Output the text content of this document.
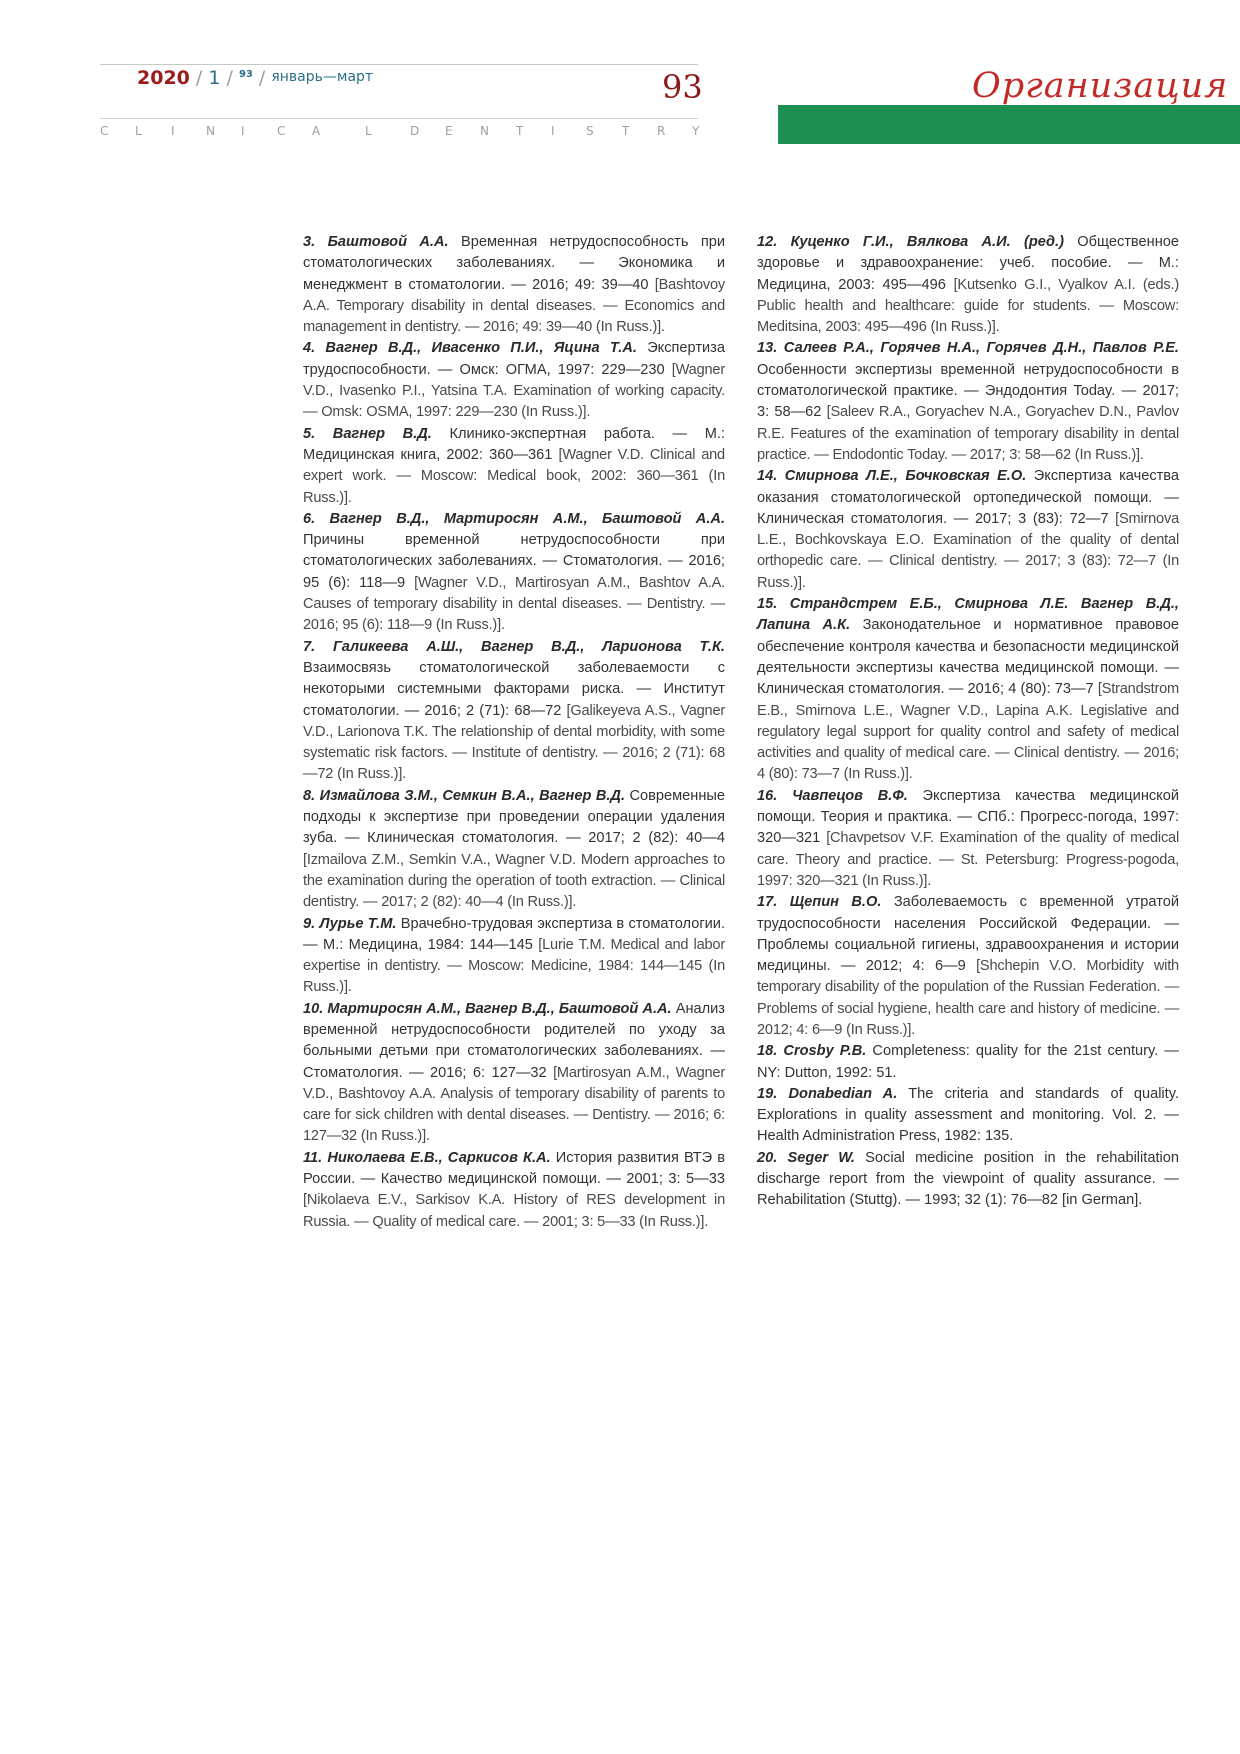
2020 / 1 / $^{93}$ / январь—март	93
C L I	N I	C A	L	D E N T I	S T R Y
Организация

3. Баштовой А.А. Временная нетрудоспособность при стоматологических заболеваниях. — Экономика и менеджмент в стоматологии. — 2016; 49: 39—40 [Bashtovoy A.A. Temporary disability in dental diseases. — Economics and management in dentistry. — 2016; 49: 39—40 (In Russ.)].

4. Вагнер В.Д., Ивасенко П.И., Яцина Т.А. Экспертиза трудоспособности. — Омск: ОГМА, 1997: 229—230 [Wagner V.D., Ivasenko P.I., Yatsina T.A. Examination of working capacity. — Omsk: OSMA, 1997: 229—230 (In Russ.)].

5. Вагнер В.Д. Клинико-экспертная работа. — М.: Медицинская книга, 2002: 360—361 [Wagner V.D. Clinical and expert work. — Moscow: Medical book, 2002: 360—361 (In Russ.)].

6. Вагнер В.Д., Мартиросян А.М., Баштовой А.А. Причины временной нетрудоспособности при стоматологических заболеваниях. — Стоматология. — 2016; 95 (6): 118—9 [Wagner V.D., Martirosyan A.M., Bashtov A.A. Causes of temporary disability in dental diseases. — Dentistry. — 2016; 95 (6): 118—9 (In Russ.)].

7. Галикеева А.Ш., Вагнер В.Д., Ларионова Т.К. Взаимосвязь стоматологической заболеваемости с некоторыми системными факторами риска. — Институт стоматологии. — 2016; 2 (71): 68—72 [Galikeyeva A.S., Vagner V.D., Larionova T.K. The relationship of dental morbidity, with some systematic risk factors. — Institute of dentistry. — 2016; 2 (71): 68—72 (In Russ.)].

8. Измайлова З.М., Семкин В.А., Вагнер В.Д. Современные подходы к экспертизе при проведении операции удаления зуба. — Клиническая стоматология. — 2017; 2 (82): 40—4 [Izmailova Z.M., Semkin V.A., Wagner V.D. Modern approaches to the examination during the operation of tooth extraction. — Clinical dentistry. — 2017; 2 (82): 40—4 (In Russ.)].

9. Лурье Т.М. Врачебно-трудовая экспертиза в стоматологии. — М.: Медицина, 1984: 144—145 [Lurie T.M. Medical and labor expertise in dentistry. — Moscow: Medicine, 1984: 144—145 (In Russ.)].

10. Мартиросян А.М., Вагнер В.Д., Баштовой А.А. Анализ временной нетрудоспособности родителей по уходу за больными детьми при стоматологических заболеваниях. — Стоматология. — 2016; 6: 127—32 [Martirosyan A.M., Wagner V.D., Bashtovoy A.A. Analysis of temporary disability of parents to care for sick children with dental diseases. — Dentistry. — 2016; 6: 127—32 (In Russ.)].

11. Николаева Е.В., Саркисов К.А. История развития ВТЭ в России. — Качество медицинской помощи. — 2001; 3: 5—33 [Nikolaeva E.V., Sarkisov K.A. History of RES development in Russia. — Quality of medical care. — 2001; 3: 5—33 (In Russ.)].

12. Куценко Г.И., Вялкова А.И. (ред.) Общественное здоровье и здравоохранение: учеб. пособие. — М.: Медицина, 2003: 495—496 [Kutsenko G.I., Vyalkov A.I. (eds.) Public health and healthcare: guide for students. — Moscow: Meditsina, 2003: 495—496 (In Russ.)].

13. Салеев Р.А., Горячев Н.А., Горячев Д.Н., Павлов Р.Е. Особенности экспертизы временной нетрудоспособности в стоматологической практике. — Эндодонтия Today. — 2017; 3: 58—62 [Saleev R.A., Goryachev N.A., Goryachev D.N., Pavlov R.E. Features of the examination of temporary disability in dental practice. — Endodontic Today. — 2017; 3: 58—62 (In Russ.)].

14. Смирнова Л.Е., Бочковская Е.О. Экспертиза качества оказания стоматологической ортопедической помощи. — Клиническая стоматология. — 2017; 3 (83): 72—7 [Smirnova L.E., Bochkovskaya E.O. Examination of the quality of dental orthopedic care. — Clinical dentistry. — 2017; 3 (83): 72—7 (In Russ.)].

15. Страндстрем Е.Б., Смирнова Л.Е. Вагнер В.Д., Лапина А.К. Законодательное и нормативное правовое обеспечение контроля качества и безопасности медицинской деятельности экспертизы качества медицинской помощи. — Клиническая стоматология. — 2016; 4 (80): 73—7 [Strandstrom E.B., Smirnova L.E., Wagner V.D., Lapina A.K. Legislative and regulatory legal support for quality control and safety of medical activities and quality of medical care. — Clinical dentistry. — 2016; 4 (80): 73—7 (In Russ.)].

16. Чавпецов В.Ф. Экспертиза качества медицинской помощи. Теория и практика. — СПб.: Прогресс-погода, 1997: 320—321 [Chavpetsov V.F. Examination of the quality of medical care. Theory and practice. — St. Petersburg: Progress-pogoda, 1997: 320—321 (In Russ.)].

17. Щепин В.О. Заболеваемость с временной утратой трудоспособности населения Российской Федерации. — Проблемы социальной гигиены, здравоохранения и истории медицины. — 2012; 4: 6—9 [Shchepin V.O. Morbidity with temporary disability of the population of the Russian Federation. — Problems of social hygiene, health care and history of medicine. — 2012; 4: 6—9 (In Russ.)].

18. Crosby P.B. Completeness: quality for the 21st century. — NY: Dutton, 1992: 51.

19. Donabedian A. The criteria and standards of quality. Explorations in quality assessment and monitoring. Vol. 2. — Health Administration Press, 1982: 135.

20. Seger W. Social medicine position in the rehabilitation discharge report from the viewpoint of quality assurance. — Rehabilitation (Stuttg). — 1993; 32 (1): 76—82 [in German].
